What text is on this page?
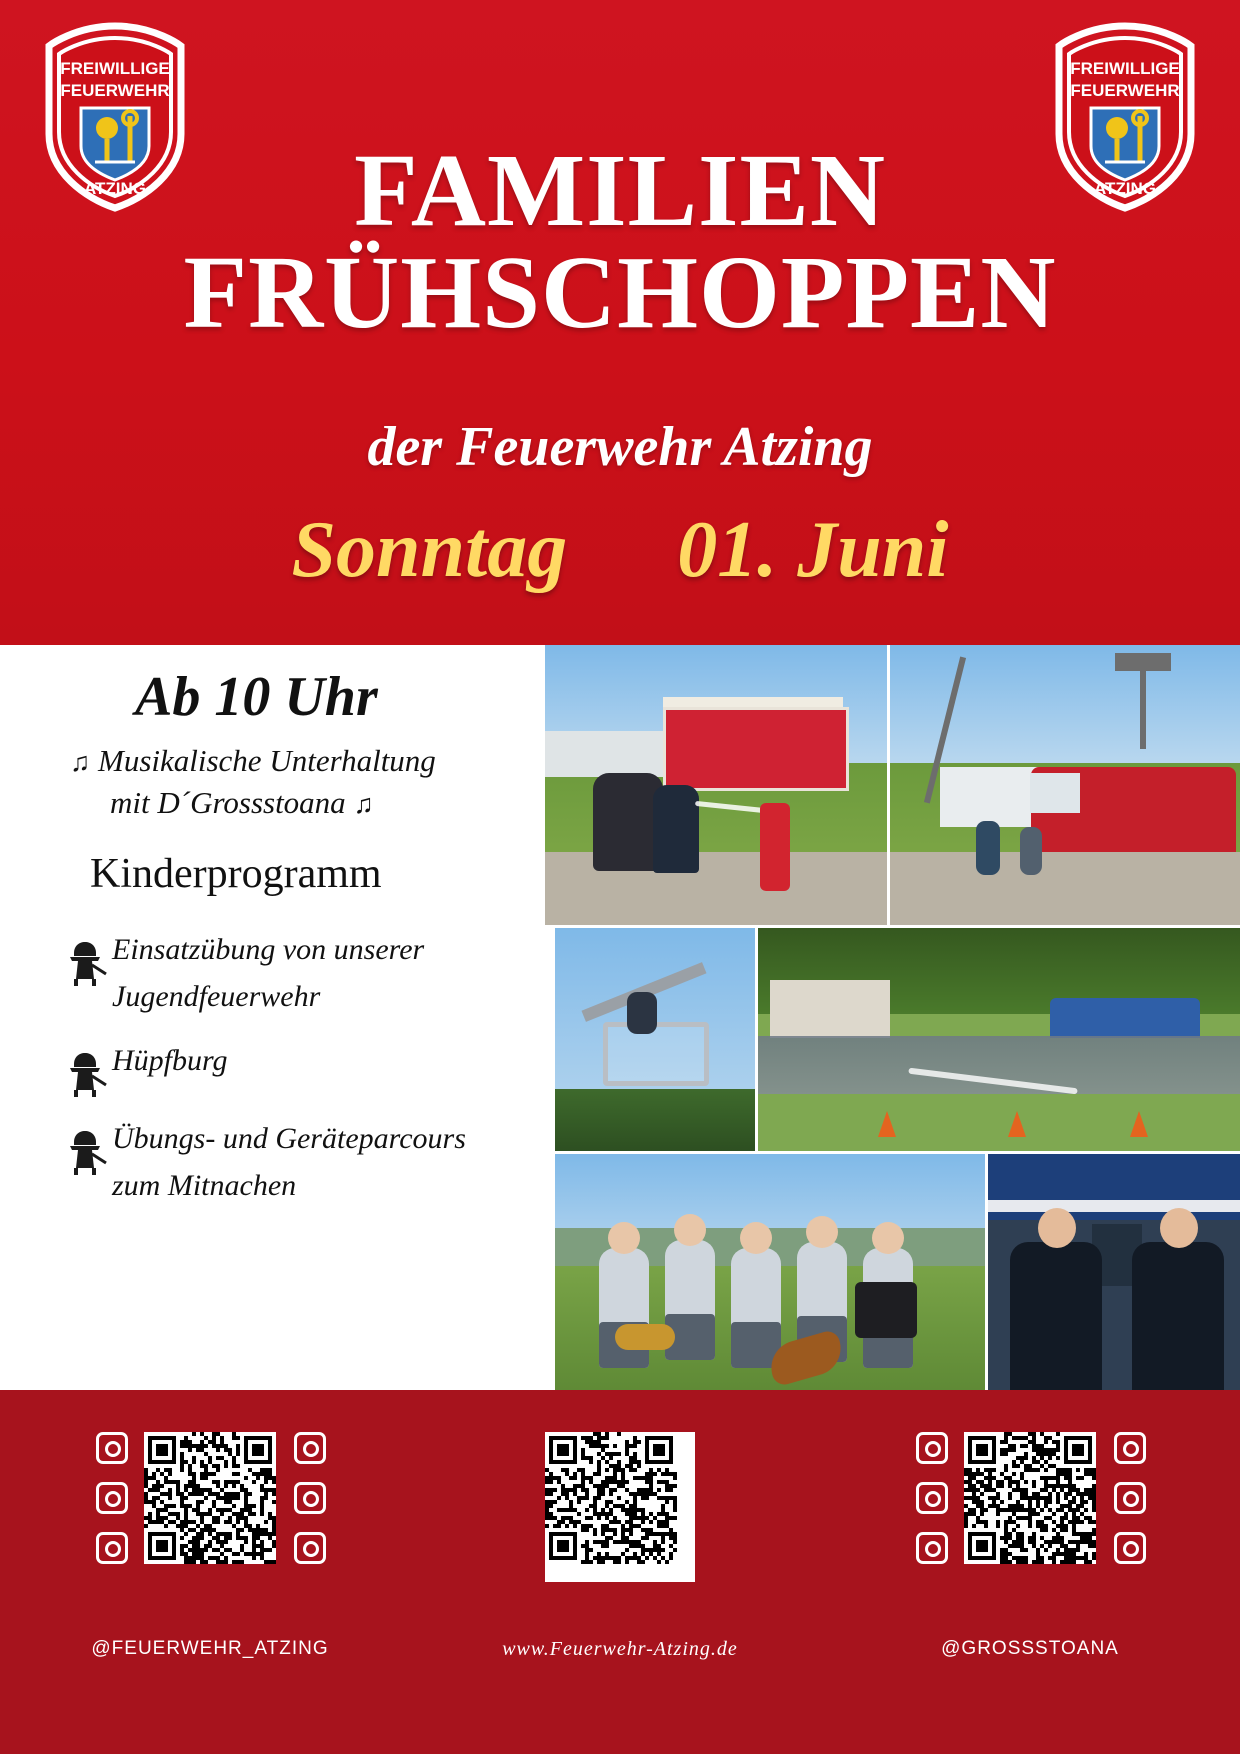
FREIWILLIGE
FEUERWEHR
ATZING
FREIWILLIGE
FEUERWEHR
ATZING
FAMILIEN
FRÜHSCHOPPEN
der Feuerwehr Atzing
Sonntag 01. Juni
Ab 10 Uhr
♫ Musikalische Unterhaltung
mit D´Grossstoana ♫
Kinderprogramm
Einsatzübung von unserer
Jugendfeuerwehr
Hüpfburg
Übungs- und Geräteparcours
zum Mitnachen
@FEUERWEHR_ATZING	www.Feuerwehr-Atzing.de	@GROSSSTOANA
